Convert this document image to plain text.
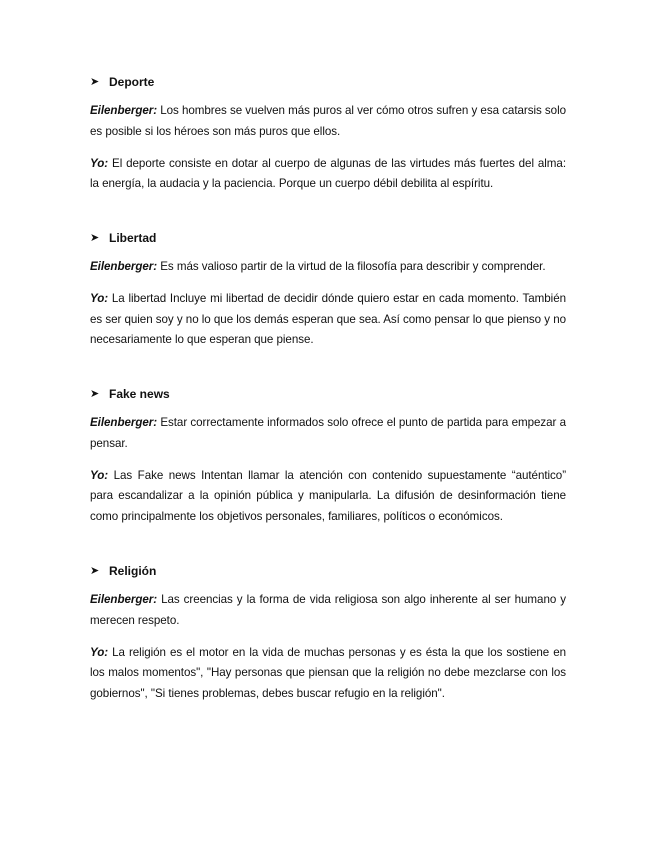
➤ Deporte

Eilenberger: Los hombres se vuelven más puros al ver cómo otros sufren y esa catarsis solo es posible si los héroes son más puros que ellos.

Yo: El deporte consiste en dotar al cuerpo de algunas de las virtudes más fuertes del alma: la energía, la audacia y la paciencia. Porque un cuerpo débil debilita al espíritu.

➤ Libertad

Eilenberger: Es más valioso partir de la virtud de la filosofía para describir y comprender.

Yo: La libertad Incluye mi libertad de decidir dónde quiero estar en cada momento. También es ser quien soy y no lo que los demás esperan que sea. Así como pensar lo que pienso y no necesariamente lo que esperan que piense.

➤ Fake news

Eilenberger: Estar correctamente informados solo ofrece el punto de partida para empezar a pensar.

Yo: Las Fake news Intentan llamar la atención con contenido supuestamente “auténtico” para escandalizar a la opinión pública y manipularla. La difusión de desinformación tiene como principalmente los objetivos personales, familiares, políticos o económicos.

➤ Religión

Eilenberger: Las creencias y la forma de vida religiosa son algo inherente al ser humano y merecen respeto.

Yo: La religión es el motor en la vida de muchas personas y es ésta la que los sostiene en los malos momentos", "Hay personas que piensan que la religión no debe mezclarse con los gobiernos", "Si tienes problemas, debes buscar refugio en la religión".
